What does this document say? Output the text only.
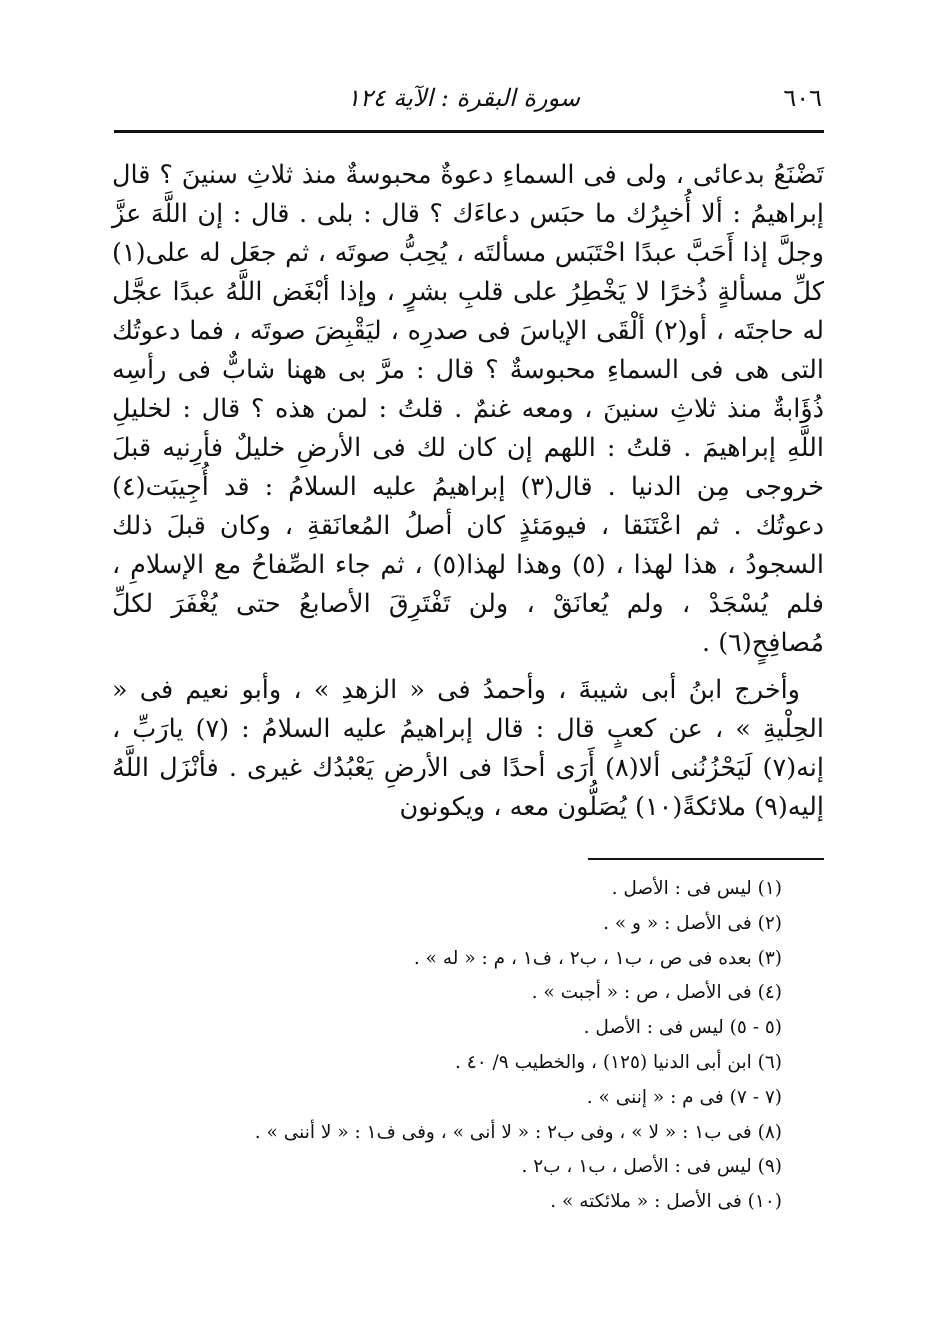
٦٠٦
سورة البقرة : الآية ١٢٤

تَضْنَعُ بدعائى ، ولى فى السماءِ دعوةٌ محبوسةٌ منذ ثلاثِ سنينَ ؟ قال إبراهيمُ : ألا أُخبِرُك ما حبَس دعاءَك ؟ قال : بلى . قال : إن اللَّهَ عزَّ وجلَّ إذا أَحَبَّ عبدًا احْتَبَس مسألتَه ، يُحِبُّ صوتَه ، ثم جعَل له على(١) كلِّ مسألةٍ ذُخرًا لا يَخْطِرُ على قلبِ بشرٍ ، وإذا أبْغَض اللَّهُ عبدًا عجَّل له حاجتَه ، أو(٢) ألْقَى الإياسَ فى صدرِه ، ليَقْبِضَ صوتَه ، فما دعوتُك التى هى فى السماءِ محبوسةٌ ؟ قال : مرَّ بى ههنا شابٌّ فى رأسِه ذُؤَابةٌ منذ ثلاثِ سنينَ ، ومعه غنمٌ . قلتُ : لمن هذه ؟ قال : لخليلِ اللَّهِ إبراهيمَ . قلتُ : اللهم إن كان لك فى الأرضِ خليلٌ فأرِنيه قبلَ خروجى مِن الدنيا . قال(٣) إبراهيمُ عليه السلامُ : قد أُجِيبَت(٤) دعوتُك . ثم اعْتَنَقا ، فيومَئذٍ كان أصلُ المُعانَقةِ ، وكان قبلَ ذلك السجودُ ، هذا لهذا ، (٥) وهذا لهذا(٥) ، ثم جاء الصِّفاحُ مع الإسلامِ ، فلم يُسْجَدْ ، ولم يُعانَقْ ، ولن تَفْتَرِقَ الأصابعُ حتى يُغْفَرَ لكلِّ مُصافِحٍ(٦) .

وأخرج ابنُ أبى شيبةَ ، وأحمدُ فى « الزهدِ » ، وأبو نعيم فى « الحِلْيةِ » ، عن كعبٍ قال : قال إبراهيمُ عليه السلامُ : (٧) يارَبِّ ، إنه(٧) لَيَحْزُنُنى ألا(٨) أَرَى أحدًا فى الأرضِ يَعْبُدُك غيرى . فأنْزَل اللَّهُ إليه(٩) ملائكةً(١٠) يُصَلُّون معه ، ويكونون

(١) ليس فى : الأصل .

(٢) فى الأصل : « و » .

(٣) بعده فى ص ، ب١ ، ب٢ ، ف١ ، م : « له » .

(٤) فى الأصل ، ص : « أجبت » .

(٥ - ٥) ليس فى : الأصل .

(٦) ابن أبى الدنيا (١٢٥) ، والخطيب ٩/ ٤٠ .

(٧ - ٧) فى م : « إننى » .

(٨) فى ب١ : « لا » ، وفى ب٢ : « لا أنى » ، وفى ف١ : « لا أننى » .

(٩) ليس فى : الأصل ، ب١ ، ب٢ .

(١٠) فى الأصل : « ملائكته » .
